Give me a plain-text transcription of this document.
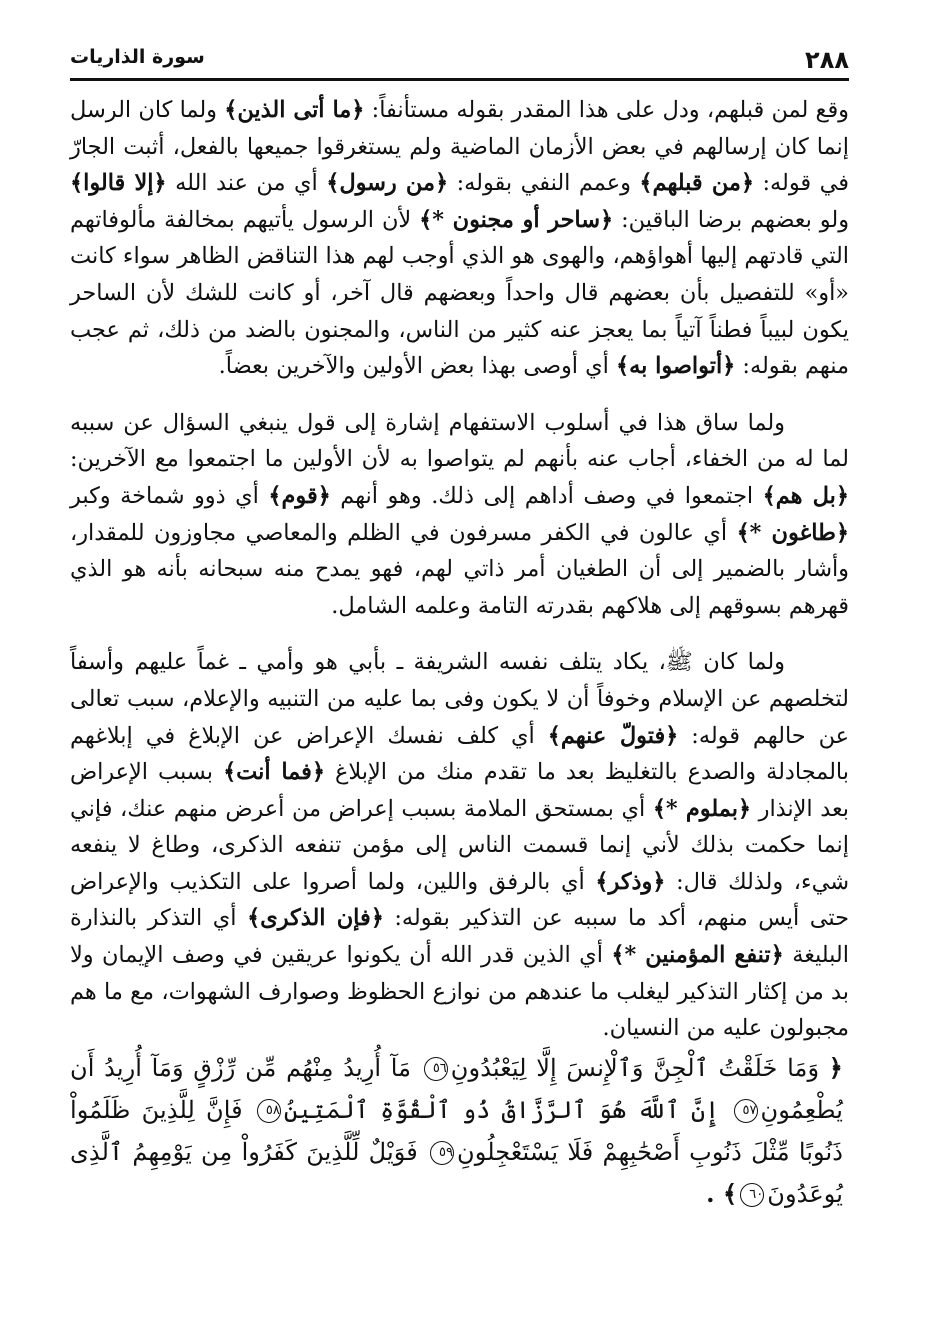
٢٨٨
سورة الذاريات

وقع لمن قبلهم، ودل على هذا المقدر بقوله مستأنفاً: ﴿ما أتى الذين﴾ ولما كان الرسل إنما كان إرسالهم في بعض الأزمان الماضية ولم يستغرقوا جميعها بالفعل، أثبت الجارّ في قوله: ﴿من قبلهم﴾ وعمم النفي بقوله: ﴿من رسول﴾ أي من عند الله ﴿إلا قالوا﴾ ولو بعضهم برضا الباقين: ﴿ساحر أو مجنون *﴾ لأن الرسول يأتيهم بمخالفة مألوفاتهم التي قادتهم إليها أهواؤهم، والهوى هو الذي أوجب لهم هذا التناقض الظاهر سواء كانت «أو» للتفصيل بأن بعضهم قال واحداً وبعضهم قال آخر، أو كانت للشك لأن الساحر يكون لبيباً فطناً آتياً بما يعجز عنه كثير من الناس، والمجنون بالضد من ذلك، ثم عجب منهم بقوله: ﴿أتواصوا به﴾ أي أوصى بهذا بعض الأولين والآخرين بعضاً.

ولما ساق هذا في أسلوب الاستفهام إشارة إلى قول ينبغي السؤال عن سببه لما له من الخفاء، أجاب عنه بأنهم لم يتواصوا به لأن الأولين ما اجتمعوا مع الآخرين: ﴿بل هم﴾ اجتمعوا في وصف أداهم إلى ذلك. وهو أنهم ﴿قوم﴾ أي ذوو شماخة وكبر ﴿طاغون *﴾ أي عالون في الكفر مسرفون في الظلم والمعاصي مجاوزون للمقدار، وأشار بالضمير إلى أن الطغيان أمر ذاتي لهم، فهو يمدح منه سبحانه بأنه هو الذي قهرهم بسوقهم إلى هلاكهم بقدرته التامة وعلمه الشامل.

ولما كان ﷺ، يكاد يتلف نفسه الشريفة ـ بأبي هو وأمي ـ غماً عليهم وأسفاً لتخلصهم عن الإسلام وخوفاً أن لا يكون وفى بما عليه من التنبيه والإعلام، سبب تعالى عن حالهم قوله: ﴿فتولّ عنهم﴾ أي كلف نفسك الإعراض عن الإبلاغ في إبلاغهم بالمجادلة والصدع بالتغليظ بعد ما تقدم منك من الإبلاغ ﴿فما أنت﴾ بسبب الإعراض بعد الإنذار ﴿بملوم *﴾ أي بمستحق الملامة بسبب إعراض من أعرض منهم عنك، فإني إنما حكمت بذلك لأني إنما قسمت الناس إلى مؤمن تنفعه الذكرى، وطاغ لا ينفعه شيء، ولذلك قال: ﴿وذكر﴾ أي بالرفق واللين، ولما أصروا على التكذيب والإعراض حتى أيس منهم، أكد ما سببه عن التذكير بقوله: ﴿فإن الذكرى﴾ أي التذكر بالنذارة البليغة ﴿تنفع المؤمنين *﴾ أي الذين قدر الله أن يكونوا عريقين في وصف الإيمان ولا بد من إكثار التذكير ليغلب ما عندهم من نوازع الحظوظ وصوارف الشهوات، مع ما هم مجبولون عليه من النسيان.

﴿ وَمَا خَلَقْتُ ٱلْجِنَّ وَٱلْإِنسَ إِلَّا لِيَعْبُدُونِ٥٦ مَآ أُرِيدُ مِنْهُم مِّن رِّزْقٍ وَمَآ أُرِيدُ أَن يُطْعِمُونِ٥٧ إِنَّ ٱللَّهَ هُوَ ٱلرَّزَّاقُ ذُو ٱلْقُوَّةِ ٱلْمَتِينُ٥٨ فَإِنَّ لِلَّذِينَ ظَلَمُواْ ذَنُوبًا مِّثْلَ ذَنُوبِ أَصْحَٰبِهِمْ فَلَا يَسْتَعْجِلُونِ٥٩ فَوَيْلٌ لِّلَّذِينَ كَفَرُواْ مِن يَوْمِهِمُ ٱلَّذِى يُوعَدُونَ٦٠﴾ .
